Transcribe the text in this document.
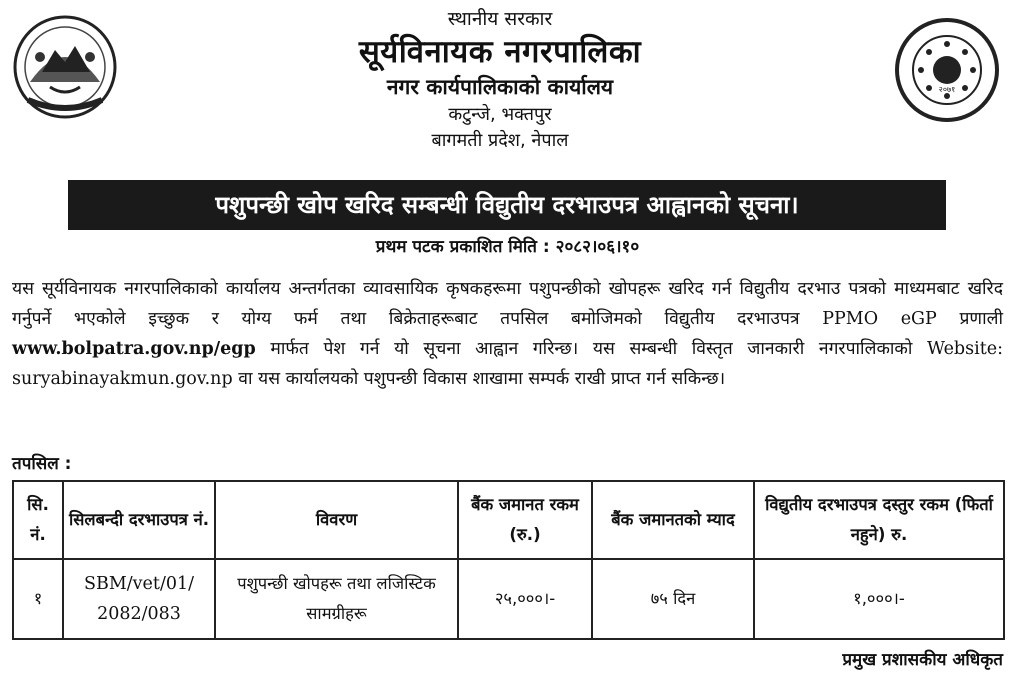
स्थानीय सरकार
सूर्यविनायक नगरपालिका
नगर कार्यपालिकाको कार्यालय
कटुन्जे, भक्तपुर
बागमती प्रदेश, नेपाल
२०७१
पशुपन्छी खोप खरिद सम्बन्धी विद्युतीय दरभाउपत्र आह्वानको सूचना।
प्रथम पटक प्रकाशित मिति : २०८२।०६।१०
यस सूर्यविनायक नगरपालिकाको कार्यालय अन्तर्गतका व्यावसायिक कृषकहरूमा पशुपन्छीको खोपहरू खरिद गर्न विद्युतीय दरभाउ पत्रको माध्यमबाट खरिद गर्नुपर्ने भएकोले इच्छुक र योग्य फर्म तथा बिक्रेताहरूबाट तपसिल बमोजिमको विद्युतीय दरभाउपत्र PPMO eGP प्रणाली www.bolpatra.gov.np/egp मार्फत पेश गर्न यो सूचना आह्वान गरिन्छ। यस सम्बन्धी विस्तृत जानकारी नगरपालिकाको Website: suryabinayakmun.gov.np वा यस कार्यालयको पशुपन्छी विकास शाखामा सम्पर्क राखी प्राप्त गर्न सकिन्छ।
तपसिल :
सि. नं.	सिलबन्दी दरभाउपत्र नं.	विवरण	बैंक जमानत रकम (रु.)	बैंक जमानतको म्याद	विद्युतीय दरभाउपत्र दस्तुर रकम (फिर्ता नहुने) रु.
१	SBM/vet/01/ 2082/083	पशुपन्छी खोपहरू तथा लजिस्टिक सामग्रीहरू	२५,०००।-	७५ दिन	१,०००।-
प्रमुख प्रशासकीय अधिकृत
